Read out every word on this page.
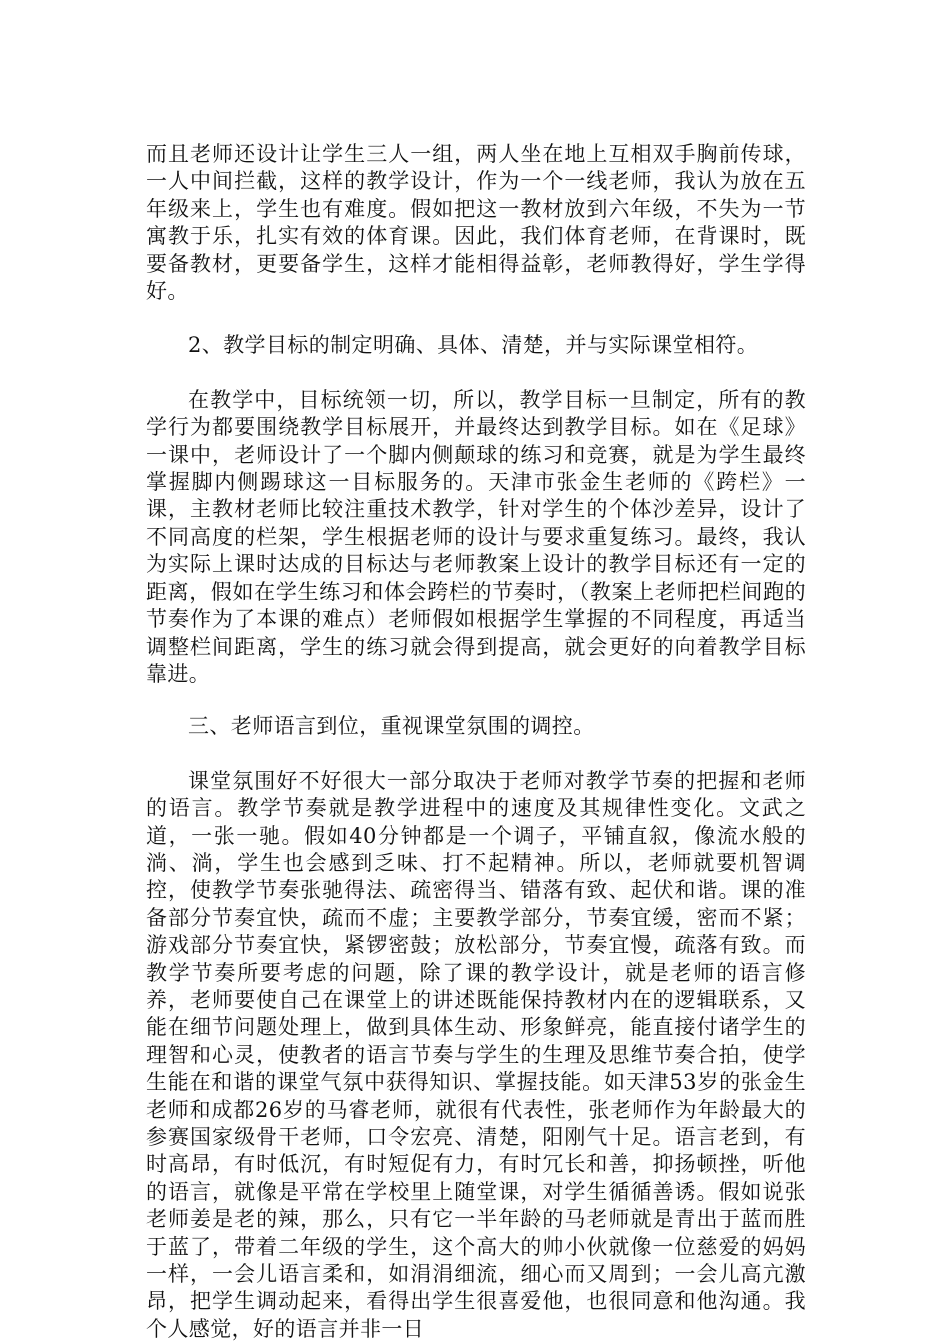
而且老师还设计让学生三人一组，两人坐在地上互相双手胸前传球，一人中间拦截，这样的教学设计，作为一个一线老师，我认为放在五年级来上，学生也有难度。假如把这一教材放到六年级，不失为一节寓教于乐，扎实有效的体育课。因此，我们体育老师，在背课时，既要备教材，更要备学生，这样才能相得益彰，老师教得好，学生学得好。

2、教学目标的制定明确、具体、清楚，并与实际课堂相符。

在教学中，目标统领一切，所以，教学目标一旦制定，所有的教学行为都要围绕教学目标展开，并最终达到教学目标。如在《足球》一课中，老师设计了一个脚内侧颠球的练习和竞赛，就是为学生最终掌握脚内侧踢球这一目标服务的。天津市张金生老师的《跨栏》一课，主教材老师比较注重技术教学，针对学生的个体沙差异，设计了不同高度的栏架，学生根据老师的设计与要求重复练习。最终，我认为实际上课时达成的目标达与老师教案上设计的教学目标还有一定的距离，假如在学生练习和体会跨栏的节奏时，（教案上老师把栏间跑的节奏作为了本课的难点）老师假如根据学生掌握的不同程度，再适当调整栏间距离，学生的练习就会得到提高，就会更好的向着教学目标靠进。

三、老师语言到位，重视课堂氛围的调控。

课堂氛围好不好很大一部分取决于老师对教学节奏的把握和老师的语言。教学节奏就是教学进程中的速度及其规律性变化。文武之道，一张一驰。假如40分钟都是一个调子，平铺直叙，像流水般的淌、淌，学生也会感到乏味、打不起精神。所以，老师就要机智调控，使教学节奏张驰得法、疏密得当、错落有致、起伏和谐。课的准备部分节奏宜快，疏而不虚；主要教学部分，节奏宜缓，密而不紧；游戏部分节奏宜快，紧锣密鼓；放松部分，节奏宜慢，疏落有致。而教学节奏所要考虑的问题，除了课的教学设计，就是老师的语言修养，老师要使自己在课堂上的讲述既能保持教材内在的逻辑联系，又能在细节问题处理上，做到具体生动、形象鲜亮，能直接付诸学生的理智和心灵，使教者的语言节奏与学生的生理及思维节奏合拍，使学生能在和谐的课堂气氛中获得知识、掌握技能。如天津53岁的张金生老师和成都26岁的马睿老师，就很有代表性，张老师作为年龄最大的参赛国家级骨干老师，口令宏亮、清楚，阳刚气十足。语言老到，有时高昂，有时低沉，有时短促有力，有时冗长和善，抑扬顿挫，听他的语言，就像是平常在学校里上随堂课，对学生循循善诱。假如说张老师姜是老的辣，那么，只有它一半年龄的马老师就是青出于蓝而胜于蓝了，带着二年级的学生，这个高大的帅小伙就像一位慈爱的妈妈一样，一会儿语言柔和，如涓涓细流，细心而又周到；一会儿高亢激昂，把学生调动起来，看得出学生很喜爱他，也很同意和他沟通。我个人感觉，好的语言并非一日
